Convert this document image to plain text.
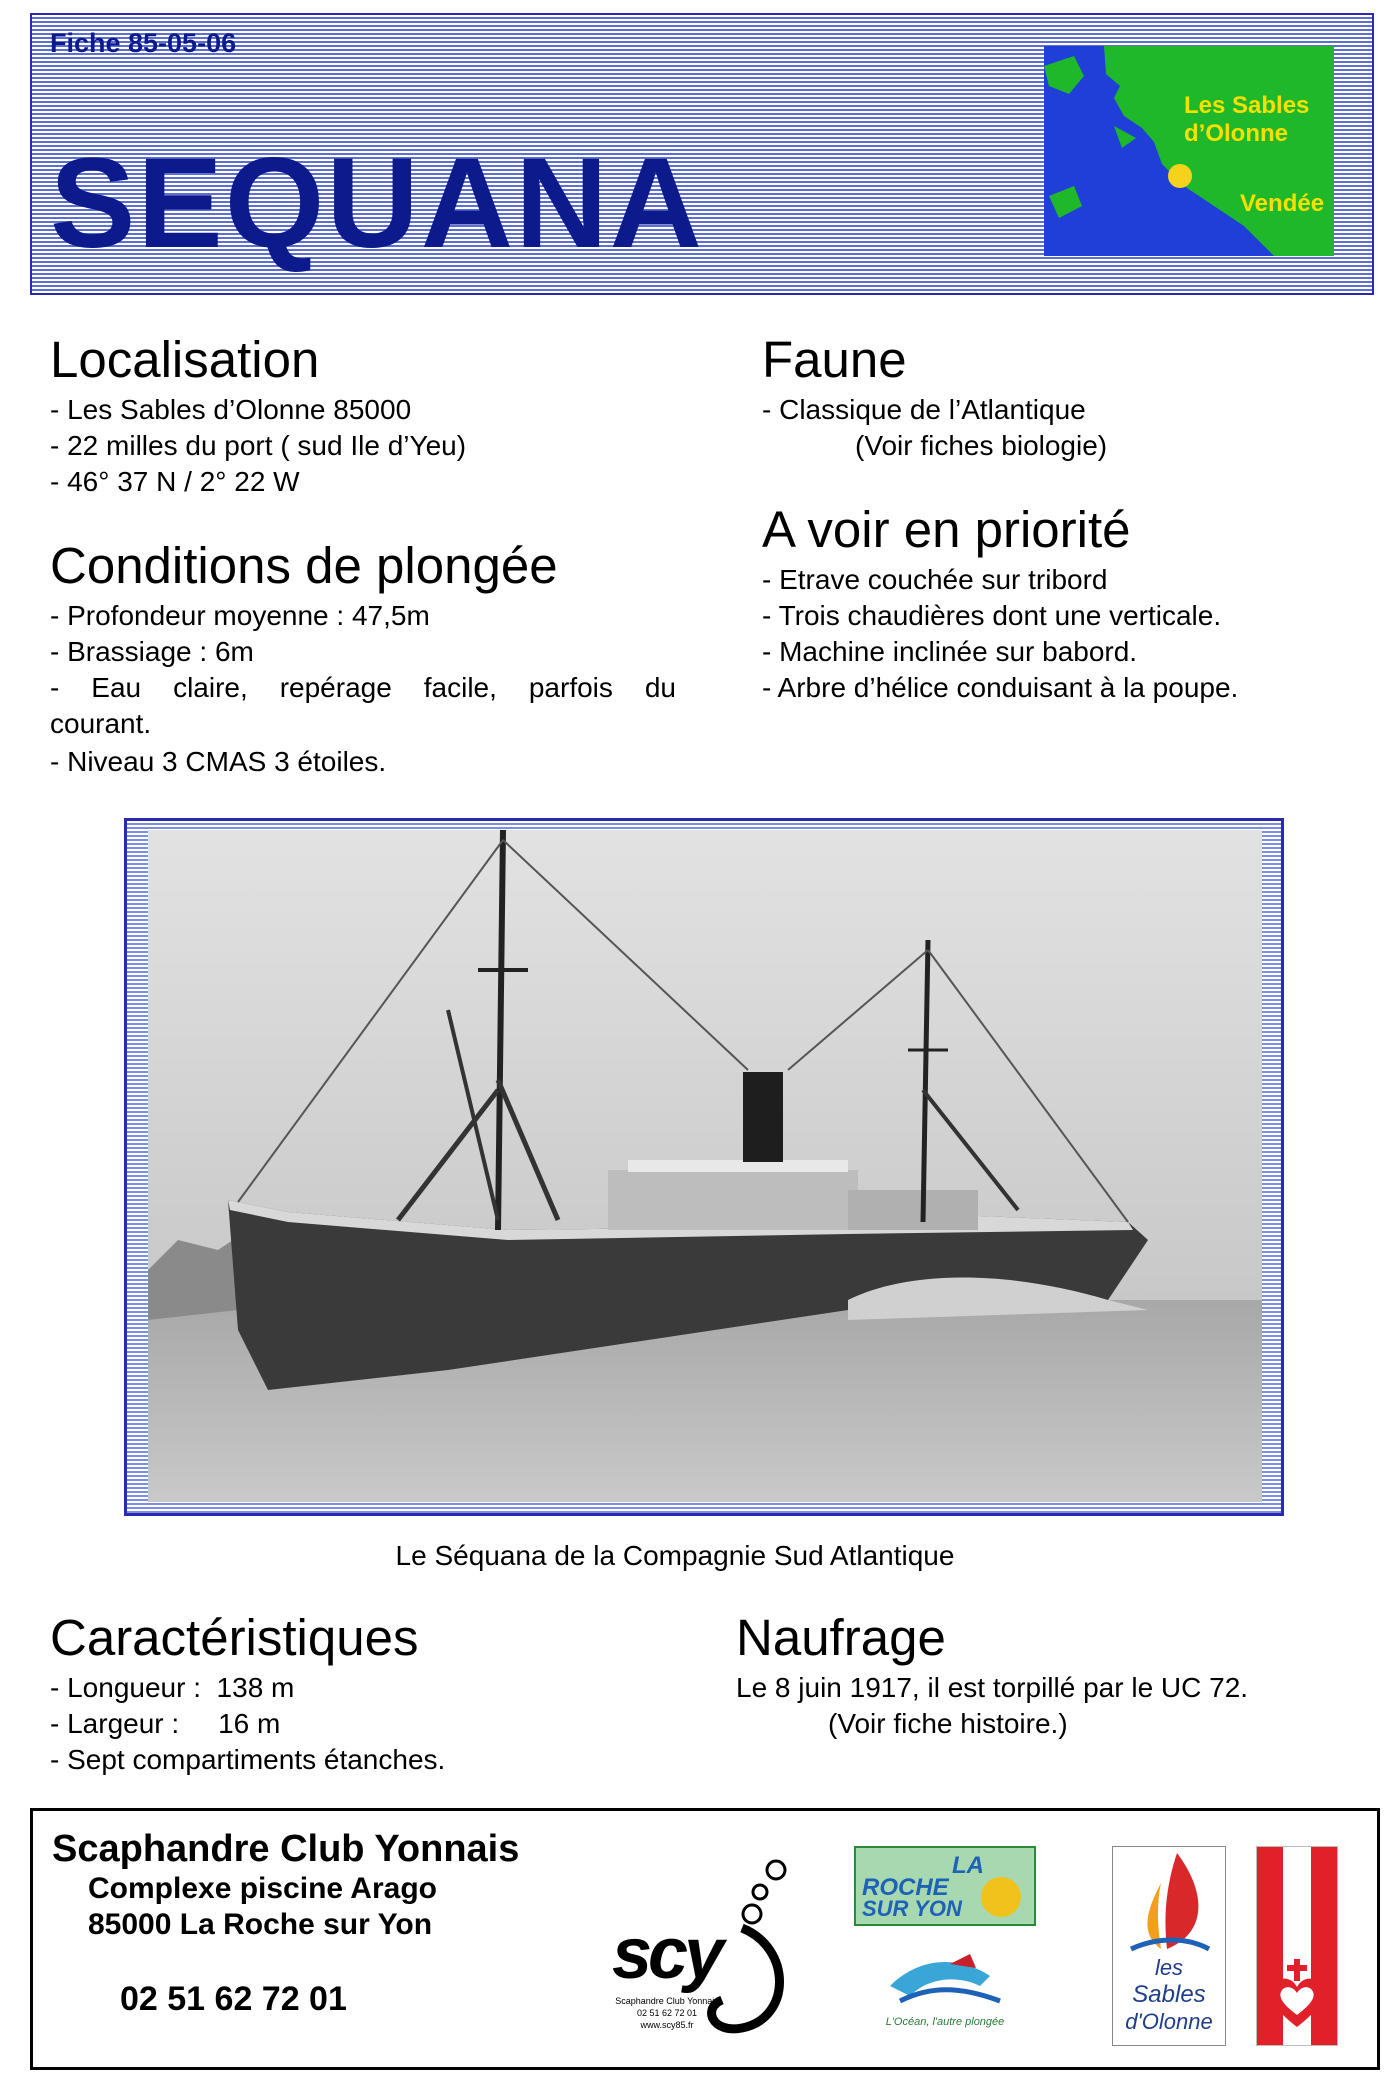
Fiche 85-05-06
SEQUANA
Les Sables
d’Olonne
Vendée
Localisation
- Les Sables d’Olonne 85000
- 22 milles du port ( sud Ile d’Yeu)
- 46° 37 N / 2° 22 W
Conditions de plongée
- Profondeur moyenne : 47,5m
- Brassiage : 6m
- Eau claire, repérage facile, parfois du
courant.
- Niveau 3 CMAS 3 étoiles.
Faune
- Classique de l’Atlantique
(Voir fiches biologie)
A voir en priorité
- Etrave couchée sur tribord
- Trois chaudières dont une verticale.
- Machine inclinée sur babord.
- Arbre d’hélice conduisant à la poupe.
Le Séquana de la Compagnie Sud Atlantique
Caractéristiques
- Longueur :  138 m
- Largeur :     16 m
- Sept compartiments étanches.
Naufrage
Le 8 juin 1917, il est torpillé par le UC 72.
(Voir fiche histoire.)
Scaphandre Club Yonnais
Complexe piscine Arago
85000 La Roche sur Yon
02 51 62 72 01
scy
Scaphandre Club Yonnais
02 51 62 72 01
www.scy85.fr
LA
ROCHE
SUR YON
L'Océan, l'autre plongée
les
Sables
d'Olonne
